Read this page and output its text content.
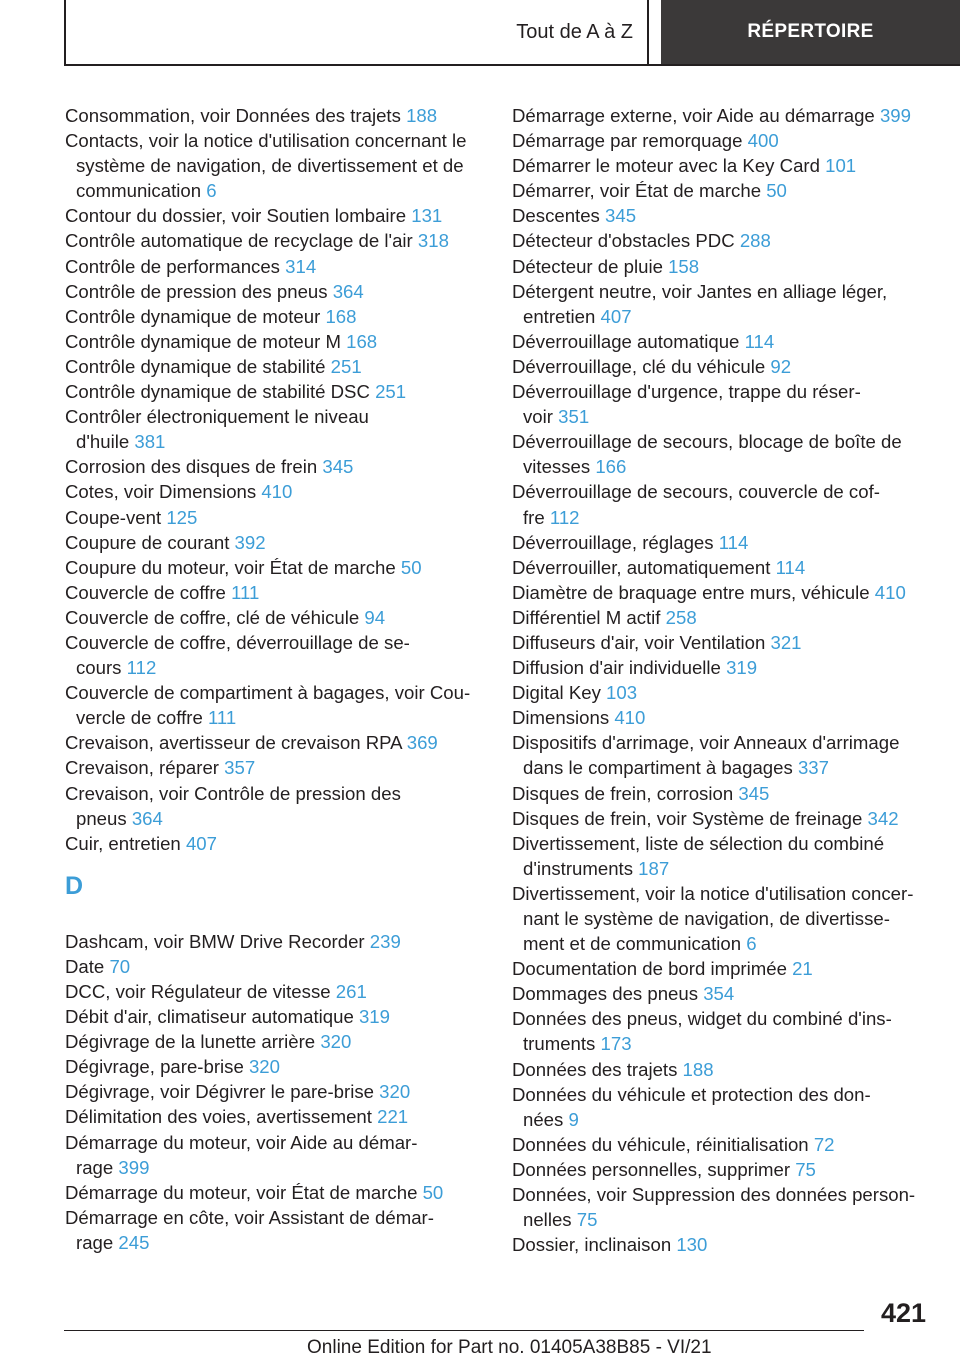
Tout de A à Z	RÉPERTOIRE
Consommation, voir Données des trajets 188
Contacts, voir la notice d'utilisation concernant le
système de navigation, de divertissement et de
communication 6
Contour du dossier, voir Soutien lombaire 131
Contrôle automatique de recyclage de l'air 318
Contrôle de performances 314
Contrôle de pression des pneus 364
Contrôle dynamique de moteur 168
Contrôle dynamique de moteur M 168
Contrôle dynamique de stabilité 251
Contrôle dynamique de stabilité DSC 251
Contrôler électroniquement le niveau
d'huile 381
Corrosion des disques de frein 345
Cotes, voir Dimensions 410
Coupe-vent 125
Coupure de courant 392
Coupure du moteur, voir État de marche 50
Couvercle de coffre 111
Couvercle de coffre, clé de véhicule 94
Couvercle de coffre, déverrouillage de se-
cours 112
Couvercle de compartiment à bagages, voir Cou-
vercle de coffre 111
Crevaison, avertisseur de crevaison RPA 369
Crevaison, réparer 357
Crevaison, voir Contrôle de pression des
pneus 364
Cuir, entretien 407
D
Dashcam, voir BMW Drive Recorder 239
Date 70
DCC, voir Régulateur de vitesse 261
Débit d'air, climatiseur automatique 319
Dégivrage de la lunette arrière 320
Dégivrage, pare-brise 320
Dégivrage, voir Dégivrer le pare-brise 320
Délimitation des voies, avertissement 221
Démarrage du moteur, voir Aide au démar-
rage 399
Démarrage du moteur, voir État de marche 50
Démarrage en côte, voir Assistant de démar-
rage 245
Démarrage externe, voir Aide au démarrage 399
Démarrage par remorquage 400
Démarrer le moteur avec la Key Card 101
Démarrer, voir État de marche 50
Descentes 345
Détecteur d'obstacles PDC 288
Détecteur de pluie 158
Détergent neutre, voir Jantes en alliage léger,
entretien 407
Déverrouillage automatique 114
Déverrouillage, clé du véhicule 92
Déverrouillage d'urgence, trappe du réser-
voir 351
Déverrouillage de secours, blocage de boîte de
vitesses 166
Déverrouillage de secours, couvercle de cof-
fre 112
Déverrouillage, réglages 114
Déverrouiller, automatiquement 114
Diamètre de braquage entre murs, véhicule 410
Différentiel M actif 258
Diffuseurs d'air, voir Ventilation 321
Diffusion d'air individuelle 319
Digital Key 103
Dimensions 410
Dispositifs d'arrimage, voir Anneaux d'arrimage
dans le compartiment à bagages 337
Disques de frein, corrosion 345
Disques de frein, voir Système de freinage 342
Divertissement, liste de sélection du combiné
d'instruments 187
Divertissement, voir la notice d'utilisation concer-
nant le système de navigation, de divertisse-
ment et de communication 6
Documentation de bord imprimée 21
Dommages des pneus 354
Données des pneus, widget du combiné d'ins-
truments 173
Données des trajets 188
Données du véhicule et protection des don-
nées 9
Données du véhicule, réinitialisation 72
Données personnelles, supprimer 75
Données, voir Suppression des données person-
nelles 75
Dossier, inclinaison 130
421
Online Edition for Part no. 01405A38B85 - VI/21
